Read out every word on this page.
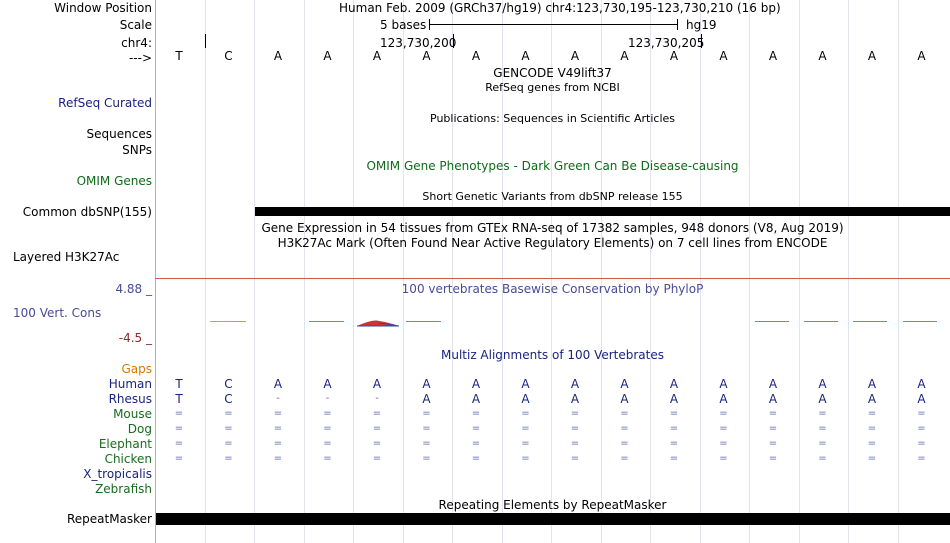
Window Position	Human Feb. 2009 (GRCh37/hg19) chr4:123,730,195-123,730,210 (16 bp)
Scale	5 bases	hg19
chr4:	123,730,200	123,730,205
--->	T	C	A	A	A	A	A	A	A	A	A	A	A	A	A	A
GENCODE V49lift37
RefSeq genes from NCBI
RefSeq Curated
Publications: Sequences in Scientific Articles
Sequences
SNPs
OMIM Gene Phenotypes - Dark Green Can Be Disease-causing
OMIM Genes
Short Genetic Variants from dbSNP release 155
Common dbSNP(155)
Gene Expression in 54 tissues from GTEx RNA-seq of 17382 samples, 948 donors (V8, Aug 2019)
H3K27Ac Mark (Often Found Near Active Regulatory Elements) on 7 cell lines from ENCODE
Layered H3K27Ac
4.88 _	100 vertebrates Basewise Conservation by PhyloP
100 Vert. Cons
-4.5 _
Multiz Alignments of 100 Vertebrates
Gaps
Human	T	C	A	A	A	A	A	A	A	A	A	A	A	A	A	A
Rhesus	T	C	-	-	-	A	A	A	A	A	A	A	A	A	A	A
Mouse	=	=	=	=	=	=	=	=	=	=	=	=	=	=	=	=
Dog	=	=	=	=	=	=	=	=	=	=	=	=	=	=	=	=
Elephant	=	=	=	=	=	=	=	=	=	=	=	=	=	=	=	=
Chicken	=	=	=	=	=	=	=	=	=	=	=	=	=	=	=	=
X_tropicalis
Zebrafish
Repeating Elements by RepeatMasker
RepeatMasker
